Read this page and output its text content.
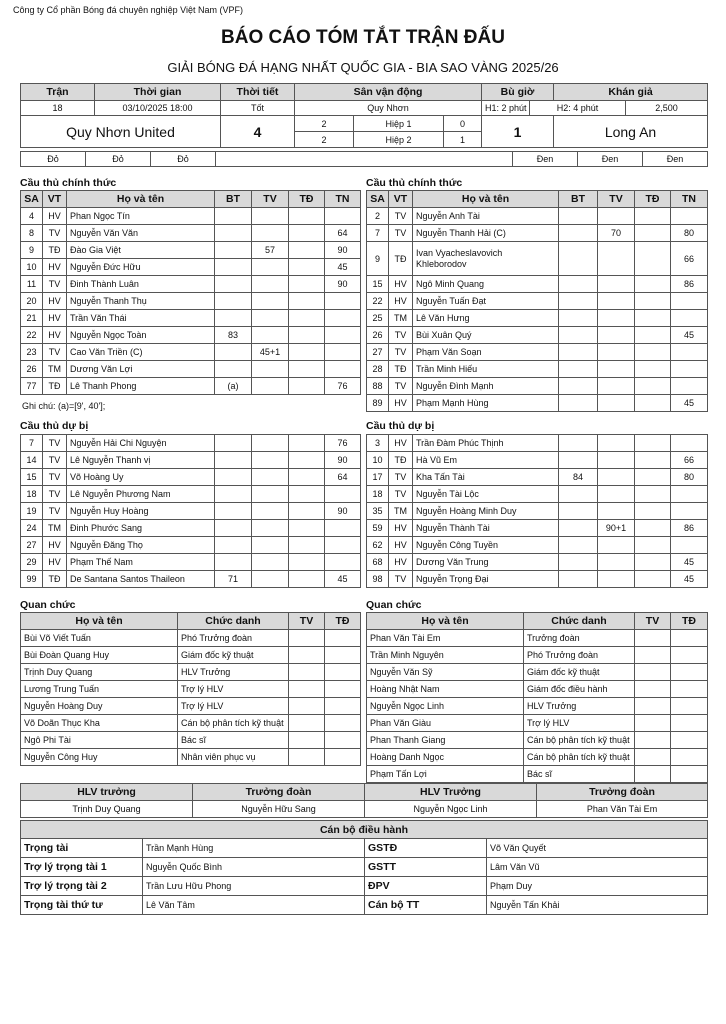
Công ty Cổ phần Bóng đá chuyên nghiệp Việt Nam (VPF)
BÁO CÁO TÓM TẮT TRẬN ĐẤU
GIẢI BÓNG ĐÁ HẠNG NHẤT QUỐC GIA - BIA SAO VÀNG 2025/26
Trận	Thời gian	Thời tiết	Sân vận động			Bù giờ		Khán giả	
18	03/10/2025 18:00	Tốt	Quy Nhơn			H1: 2 phút	H2: 4 phút		2,500
Quy Nhơn United		4	2	Hiệp 1	0	1		Long An	
			2	Hiệp 2	1				
Đỏ	Đỏ	Đỏ		Đen	Đen	Đen
Cầu thủ chính thức	Cầu thủ chính thức
SA	VT	Họ và tên	BT	TV	TĐ	TN
4	HV	Phan Ngọc Tín				
8	TV	Nguyễn Văn Văn				64
9	TĐ	Đào Gia Việt		57		90
10	HV	Nguyễn Đức Hữu				45
11	TV	Đinh Thành Luân				90
20	HV	Nguyễn Thanh Thụ				
21	HV	Trần Văn Thái				
22	HV	Nguyễn Ngọc Toàn	83			
23	TV	Cao Văn Triền (C)		45+1		
26	TM	Dương Văn Lợi				
77	TĐ	Lê Thanh Phong	(a)			76
Ghi chú: (a)=[9', 40'];
SA	VT	Họ và tên	BT	TV	TĐ	TN
2	TV	Nguyễn Anh Tài				
7	TV	Nguyễn Thanh Hải (C)		70		80
9	TĐ	Ivan Vyacheslavovich Khleborodov				66
15	HV	Ngô Minh Quang				86
22	HV	Nguyễn Tuấn Đạt				
25	TM	Lê Văn Hưng				
26	TV	Bùi Xuân Quý				45
27	TV	Phạm Văn Soạn				
28	TĐ	Trần Minh Hiếu				
88	TV	Nguyễn Đình Mạnh				
89	HV	Phạm Mạnh Hùng				45
Cầu thủ dự bị	Cầu thủ dự bị
7	TV	Nguyễn Hải Chi Nguyện				76
14	TV	Lê Nguyễn Thanh vị				90
15	TV	Võ Hoàng Uy				64
18	TV	Lê Nguyễn Phương Nam				
19	TV	Nguyễn Huy Hoàng				90
24	TM	Đinh Phước Sang				
27	HV	Nguyễn Đăng Thọ				
29	HV	Phạm Thế Nam				
99	TĐ	De Santana Santos Thaileon	71			45
3	HV	Trần Đàm Phúc Thịnh				
10	TĐ	Hà Vũ Em				66
17	TV	Kha Tấn Tài	84			80
18	TV	Nguyễn Tài Lộc				
35	TM	Nguyễn Hoàng Minh Duy				
59	HV	Nguyễn Thành Tài		90+1		86
62	HV	Nguyễn Công Tuyền				
68	HV	Dương Văn Trung				45
98	TV	Nguyễn Trọng Đại				45
Quan chức	Quan chức
Họ và tên	Chức danh	TV	TĐ
Bùi Võ Viết Tuấn	Phó Trưởng đoàn		
Bùi Đoàn Quang Huy	Giám đốc kỹ thuật		
Trịnh Duy Quang	HLV Trưởng		
Lương Trung Tuấn	Trợ lý HLV		
Nguyễn Hoàng Duy	Trợ lý HLV		
Võ Doãn Thục Kha	Cán bộ phân tích kỹ thuật		
Ngô Phi Tài	Bác sĩ		
Nguyễn Công Huy	Nhân viên phục vụ		
Họ và tên	Chức danh	TV	TĐ
Phan Văn Tài Em	Trưởng đoàn		
Trần Minh Nguyên	Phó Trưởng đoàn		
Nguyễn Văn Sỹ	Giám đốc kỹ thuật		
Hoàng Nhật Nam	Giám đốc điều hành		
Nguyễn Ngọc Linh	HLV Trưởng		
Phan Văn Giàu	Trợ lý HLV		
Phan Thanh Giang	Cán bộ phân tích kỹ thuật		
Hoàng Danh Ngọc	Cán bộ phân tích kỹ thuật		
Phạm Tấn Lợi	Bác sĩ		
HLV trưởng	Trưởng đoàn	HLV Trưởng	Trưởng đoàn
Trịnh Duy Quang	Nguyễn Hữu Sang	Nguyễn Ngọc Linh	Phan Văn Tài Em
Cán bộ điều hành			
Trọng tài	Trần Mạnh Hùng	GSTĐ	Võ Văn Quyết
Trợ lý trọng tài 1	Nguyễn Quốc Bình	GSTT	Lâm Văn Vũ
Trợ lý trọng tài 2	Trần Lưu Hữu Phong	ĐPV	Phạm Duy
Trọng tài thứ tư	Lê Văn Tâm	Cán bộ TT	Nguyễn Tấn Khải
